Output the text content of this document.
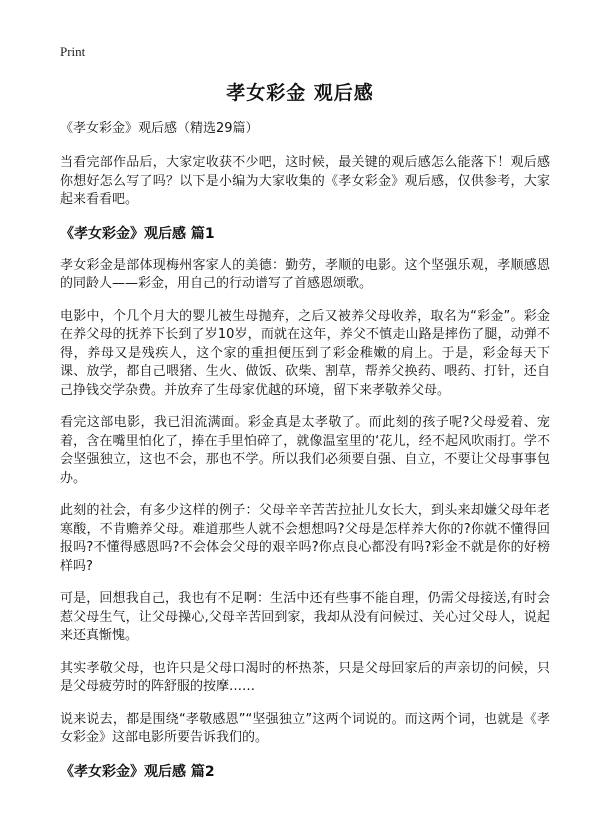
Print
孝女彩金 观后感
《孝女彩金》观后感（精选29篇）

当看完部作品后，大家定收获不少吧，这时候，最关键的观后感怎么能落下！观后感你想好怎么写了吗？以下是小编为大家收集的《孝女彩金》观后感，仅供参考，大家起来看看吧。

《孝女彩金》观后感 篇1

孝女彩金是部体现梅州客家人的美德：勤劳，孝顺的电影。这个坚强乐观，孝顺感恩的同龄人——彩金，用自己的行动谱写了首感恩颂歌。

电影中，个几个月大的婴儿被生母抛弃，之后又被养父母收养，取名为“彩金”。彩金在养父母的抚养下长到了岁10岁，而就在这年，养父不慎走山路是摔伤了腿，动弹不得，养母又是残疾人，这个家的重担便压到了彩金稚嫩的肩上。于是，彩金每天下课、放学，都自己喂猪、生火、做饭、砍柴、割草，帮养父换药、喂药、打针，还自己挣钱交学杂费。并放弃了生母家优越的环境，留下来孝敬养父母。

看完这部电影，我已泪流满面。彩金真是太孝敬了。而此刻的孩子呢?父母爱着、宠着，含在嘴里怕化了，捧在手里怕碎了，就像温室里的‘花儿，经不起风吹雨打。学不会坚强独立，这也不会，那也不学。所以我们必须要自强、自立，不要让父母事事包办。

此刻的社会，有多少这样的例子：父母辛辛苦苦拉扯儿女长大，到头来却嫌父母年老寒酸，不肯赡养父母。难道那些人就不会想想吗?父母是怎样养大你的?你就不懂得回报吗?不懂得感恩吗?不会体会父母的艰辛吗?你点良心都没有吗?彩金不就是你的好榜样吗?

可是，回想我自己，我也有不足啊：生活中还有些事不能自理，仍需父母接送,有时会惹父母生气，让父母操心,父母辛苦回到家，我却从没有问候过、关心过父母人，说起来还真惭愧。

其实孝敬父母，也许只是父母口渴时的杯热茶，只是父母回家后的声亲切的问候，只是父母疲劳时的阵舒服的按摩……

说来说去，都是围绕“孝敬感恩”“坚强独立”这两个词说的。而这两个词，也就是《孝女彩金》这部电影所要告诉我们的。

《孝女彩金》观后感 篇2
